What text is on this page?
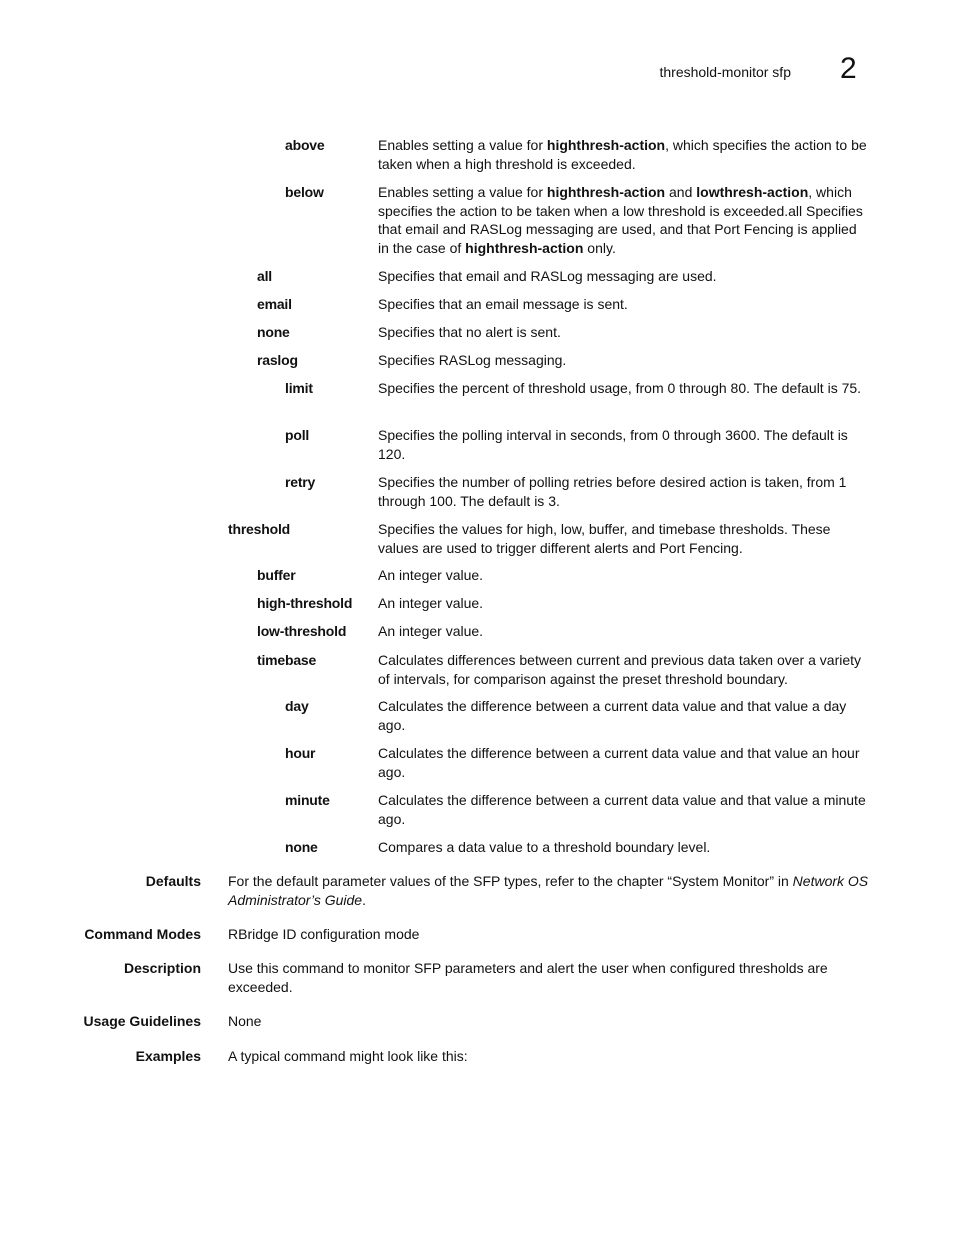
threshold-monitor sfp 2
above	Enables setting a value for highthresh-action, which specifies the action to be taken when a high threshold is exceeded.
below	Enables setting a value for highthresh-action and lowthresh-action, which specifies the action to be taken when a low threshold is exceeded.all Specifies that email and RASLog messaging are used, and that Port Fencing is applied in the case of highthresh-action only.
all	Specifies that email and RASLog messaging are used.
email	Specifies that an email message is sent.
none	Specifies that no alert is sent.
raslog	Specifies RASLog messaging.
limit	Specifies the percent of threshold usage, from 0 through 80. The default is 75.
poll	Specifies the polling interval in seconds, from 0 through 3600. The default is 120.
retry	Specifies the number of polling retries before desired action is taken, from 1 through 100. The default is 3.
threshold	Specifies the values for high, low, buffer, and timebase thresholds. These values are used to trigger different alerts and Port Fencing.
buffer	An integer value.
high-threshold An integer value.
low-threshold An integer value.
timebase	Calculates differences between current and previous data taken over a variety of intervals, for comparison against the preset threshold boundary.
day	Calculates the difference between a current data value and that value a day ago.
hour	Calculates the difference between a current data value and that value an hour ago.
minute	Calculates the difference between a current data value and that value a minute ago.
none	Compares a data value to a threshold boundary level.
Defaults For the default parameter values of the SFP types, refer to the chapter “System Monitor” in Network OS Administrator’s Guide.
Command Modes RBridge ID configuration mode
Description Use this command to monitor SFP parameters and alert the user when configured thresholds are exceeded.
Usage Guidelines None
Examples A typical command might look like this:
